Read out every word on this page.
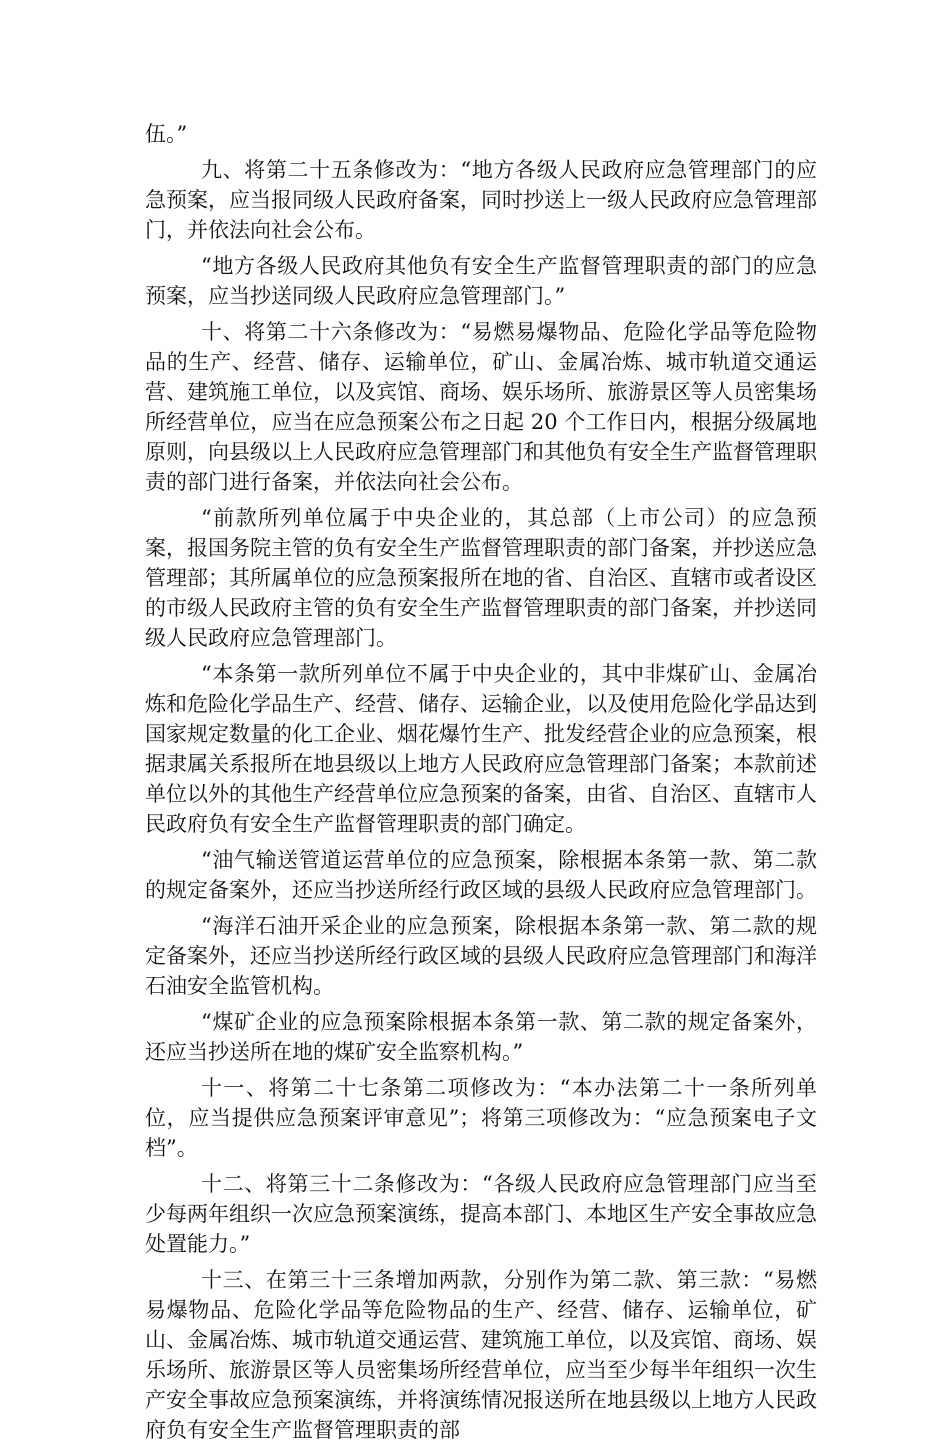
伍。”

九、将第二十五条修改为：“地方各级人民政府应急管理部门的应急预案，应当报同级人民政府备案，同时抄送上一级人民政府应急管理部门，并依法向社会公布。

“地方各级人民政府其他负有安全生产监督管理职责的部门的应急预案，应当抄送同级人民政府应急管理部门。”

十、将第二十六条修改为：“易燃易爆物品、危险化学品等危险物品的生产、经营、储存、运输单位，矿山、金属冶炼、城市轨道交通运营、建筑施工单位，以及宾馆、商场、娱乐场所、旅游景区等人员密集场所经营单位，应当在应急预案公布之日起 20 个工作日内，根据分级属地原则，向县级以上人民政府应急管理部门和其他负有安全生产监督管理职责的部门进行备案，并依法向社会公布。

“前款所列单位属于中央企业的，其总部（上市公司）的应急预案，报国务院主管的负有安全生产监督管理职责的部门备案，并抄送应急管理部；其所属单位的应急预案报所在地的省、自治区、直辖市或者设区的市级人民政府主管的负有安全生产监督管理职责的部门备案，并抄送同级人民政府应急管理部门。

“本条第一款所列单位不属于中央企业的，其中非煤矿山、金属冶炼和危险化学品生产、经营、储存、运输企业，以及使用危险化学品达到国家规定数量的化工企业、烟花爆竹生产、批发经营企业的应急预案，根据隶属关系报所在地县级以上地方人民政府应急管理部门备案；本款前述单位以外的其他生产经营单位应急预案的备案，由省、自治区、直辖市人民政府负有安全生产监督管理职责的部门确定。

“油气输送管道运营单位的应急预案，除根据本条第一款、第二款的规定备案外，还应当抄送所经行政区域的县级人民政府应急管理部门。

“海洋石油开采企业的应急预案，除根据本条第一款、第二款的规定备案外，还应当抄送所经行政区域的县级人民政府应急管理部门和海洋石油安全监管机构。

“煤矿企业的应急预案除根据本条第一款、第二款的规定备案外，还应当抄送所在地的煤矿安全监察机构。”

十一、将第二十七条第二项修改为：“本办法第二十一条所列单位，应当提供应急预案评审意见”；将第三项修改为：“应急预案电子文档”。

十二、将第三十二条修改为：“各级人民政府应急管理部门应当至少每两年组织一次应急预案演练，提高本部门、本地区生产安全事故应急处置能力。”

十三、在第三十三条增加两款，分别作为第二款、第三款：“易燃易爆物品、危险化学品等危险物品的生产、经营、储存、运输单位，矿山、金属冶炼、城市轨道交通运营、建筑施工单位，以及宾馆、商场、娱乐场所、旅游景区等人员密集场所经营单位，应当至少每半年组织一次生产安全事故应急预案演练，并将演练情况报送所在地县级以上地方人民政府负有安全生产监督管理职责的部
